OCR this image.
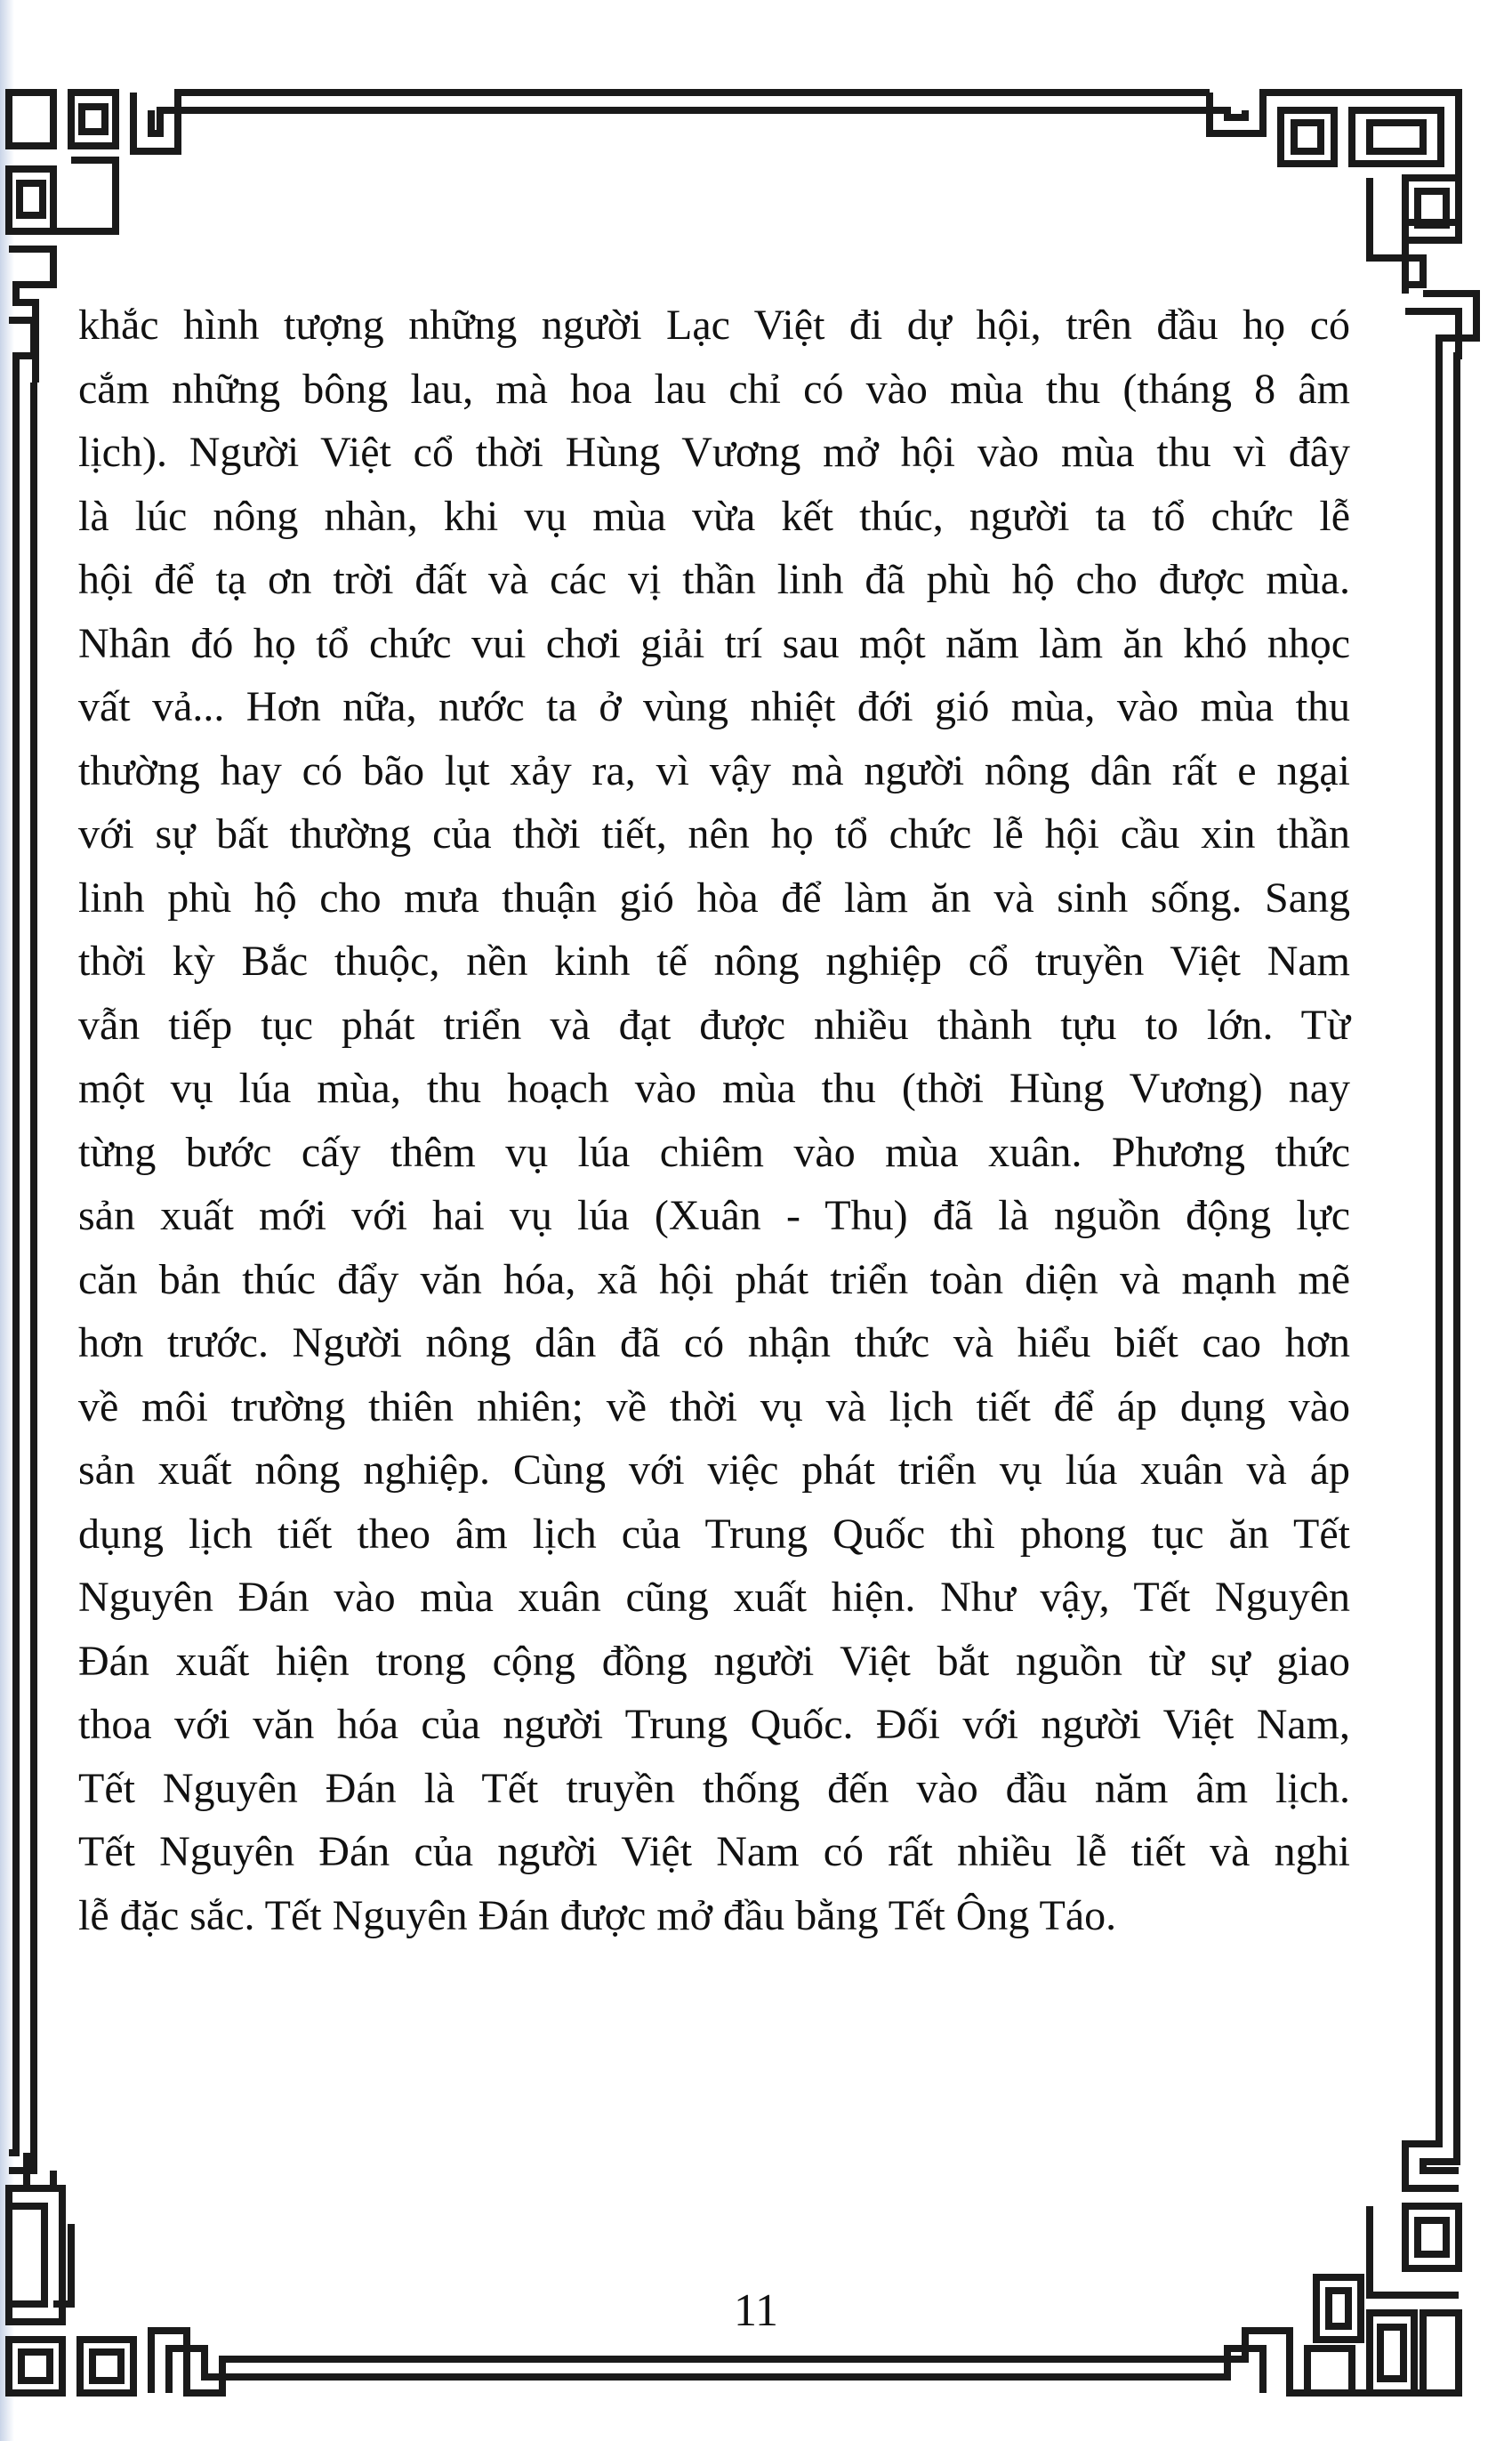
khắc hình tượng những người Lạc Việt đi dự hội, trên đầu họ có
cắm những bông lau, mà hoa lau chỉ có vào mùa thu (tháng 8 âm
lịch). Người Việt cổ thời Hùng Vương mở hội vào mùa thu vì đây
là lúc nông nhàn, khi vụ mùa vừa kết thúc, người ta tổ chức lễ
hội để tạ ơn trời đất và các vị thần linh đã phù hộ cho được mùa.
Nhân đó họ tổ chức vui chơi giải trí sau một năm làm ăn khó nhọc
vất vả... Hơn nữa, nước ta ở vùng nhiệt đới gió mùa, vào mùa thu
thường hay có bão lụt xảy ra, vì vậy mà người nông dân rất e ngại
với sự bất thường của thời tiết, nên họ tổ chức lễ hội cầu xin thần
linh phù hộ cho mưa thuận gió hòa để làm ăn và sinh sống. Sang
thời kỳ Bắc thuộc, nền kinh tế nông nghiệp cổ truyền Việt Nam
vẫn tiếp tục phát triển và đạt được nhiều thành tựu to lớn. Từ
một vụ lúa mùa, thu hoạch vào mùa thu (thời Hùng Vương) nay
từng bước cấy thêm vụ lúa chiêm vào mùa xuân. Phương thức
sản xuất mới với hai vụ lúa (Xuân - Thu) đã là nguồn động lực
căn bản thúc đẩy văn hóa, xã hội phát triển toàn diện và mạnh mẽ
hơn trước. Người nông dân đã có nhận thức và hiểu biết cao hơn
về môi trường thiên nhiên; về thời vụ và lịch tiết để áp dụng vào
sản xuất nông nghiệp. Cùng với việc phát triển vụ lúa xuân và áp
dụng lịch tiết theo âm lịch của Trung Quốc thì phong tục ăn Tết
Nguyên Đán vào mùa xuân cũng xuất hiện. Như vậy, Tết Nguyên
Đán xuất hiện trong cộng đồng người Việt bắt nguồn từ sự giao
thoa với văn hóa của người Trung Quốc. Đối với người Việt Nam,
Tết Nguyên Đán là Tết truyền thống đến vào đầu năm âm lịch.
Tết Nguyên Đán của người Việt Nam có rất nhiều lễ tiết và nghi
lễ đặc sắc. Tết Nguyên Đán được mở đầu bằng Tết Ông Táo.
11
